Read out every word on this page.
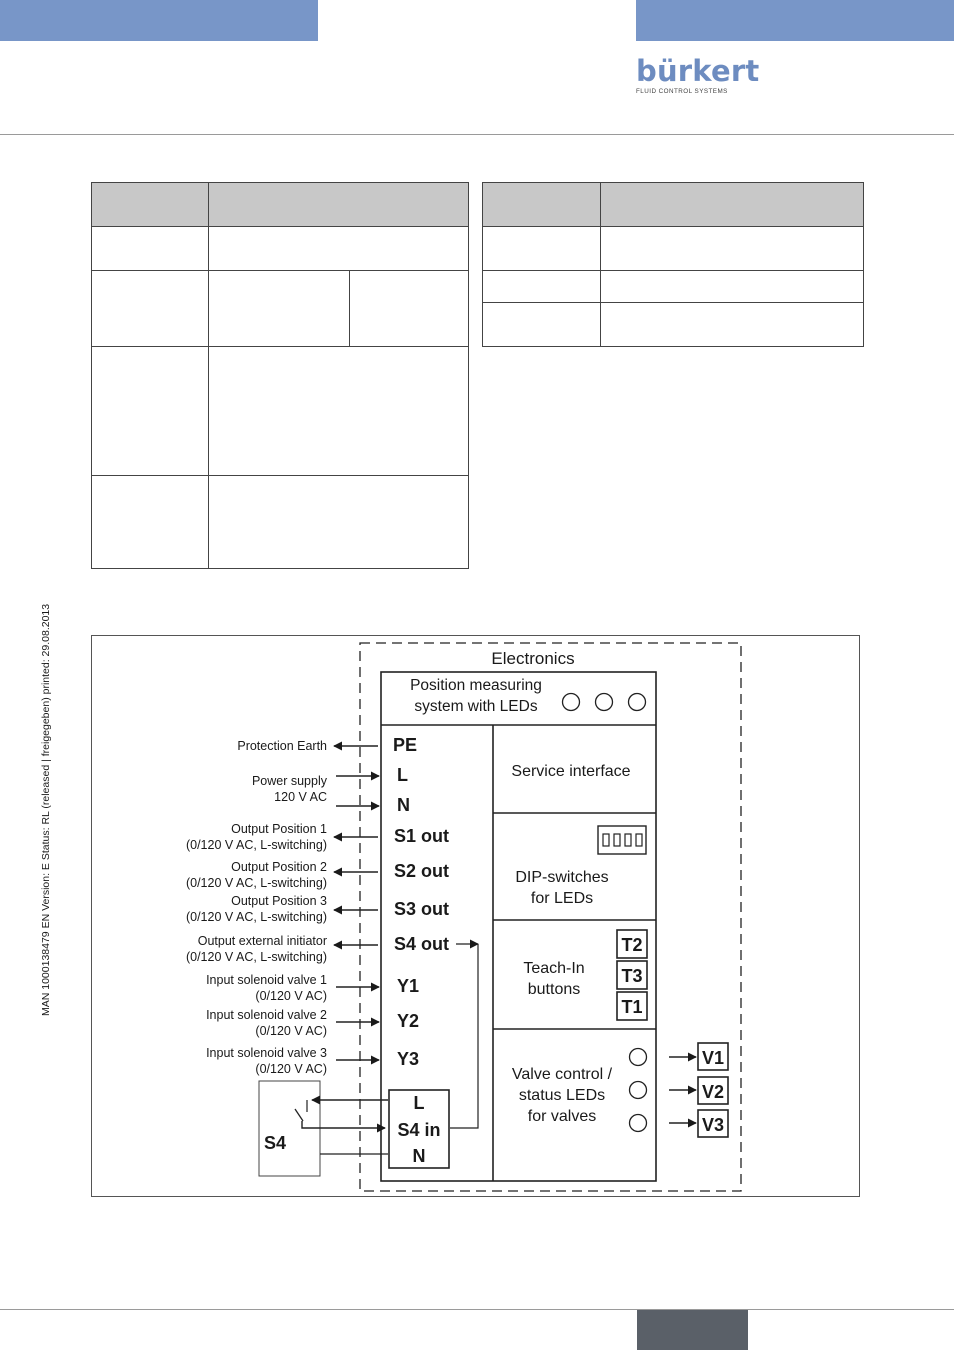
bürkert
FLUID CONTROL SYSTEMS
MAN 1000138479 EN Version: E Status: RL (released | freigegeben) printed: 29.08.2013

		Electronics
Position measuring
system with LEDs
Service interface
DIP-switches
for LEDs
Teach-In
buttons
T2
T3
T1
Valve control /
status LEDs
for valves
V1
V2
V3
PE
L
N
S1 out
S2 out
S3 out
S4 out
Y1
Y2
Y3
L
S4 in
N
S4
Protection Earth
Power supply
120 V AC
Output Position 1
(0/120 V AC, L-switching)
Output Position 2
(0/120 V AC, L-switching)
Output Position 3
(0/120 V AC, L-switching)
Output external initiator
(0/120 V AC, L-switching)
Input solenoid valve 1
(0/120 V AC)
Input solenoid valve 2
(0/120 V AC)
Input solenoid valve 3
(0/120 V AC)
